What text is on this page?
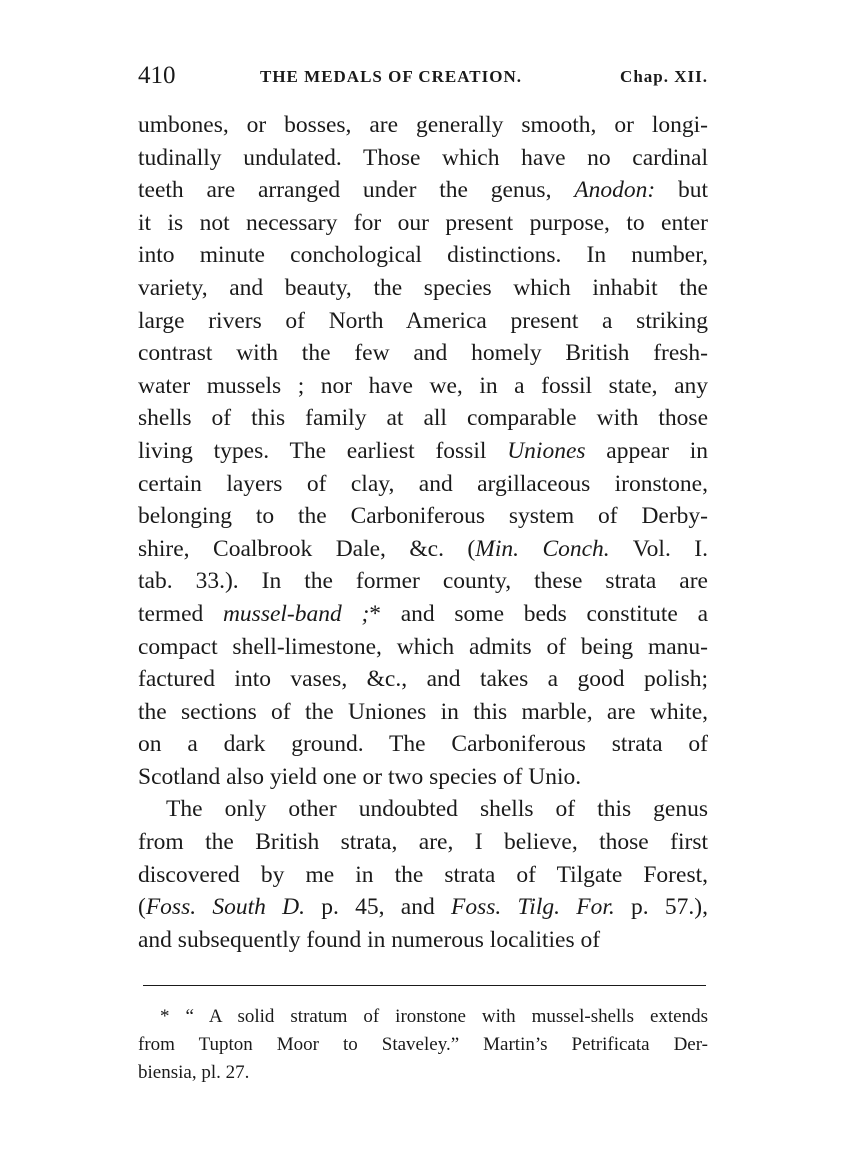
410	THE MEDALS OF CREATION.	Chap. XII.
umbones, or bosses, are generally smooth, or longi-
tudinally undulated. Those which have no cardinal
teeth are arranged under the genus, Anodon: but
it is not necessary for our present purpose, to enter
into minute conchological distinctions. In number,
variety, and beauty, the species which inhabit the
large rivers of North America present a striking
contrast with the few and homely British fresh-
water mussels ; nor have we, in a fossil state, any
shells of this family at all comparable with those
living types. The earliest fossil Uniones appear in
certain layers of clay, and argillaceous ironstone,
belonging to the Carboniferous system of Derby-
shire, Coalbrook Dale, &c. (Min. Conch. Vol. I.
tab. 33.). In the former county, these strata are
termed mussel-band ;* and some beds constitute a
compact shell-limestone, which admits of being manu-
factured into vases, &c., and takes a good polish;
the sections of the Uniones in this marble, are white,
on a dark ground. The Carboniferous strata of
Scotland also yield one or two species of Unio.
The only other undoubted shells of this genus
from the British strata, are, I believe, those first
discovered by me in the strata of Tilgate Forest,
(Foss. South D. p. 45, and Foss. Tilg. For. p. 57.),
and subsequently found in numerous localities of
* “ A solid stratum of ironstone with mussel-shells extends
from Tupton Moor to Staveley.” Martin’s Petrificata Der-
biensia, pl. 27.
